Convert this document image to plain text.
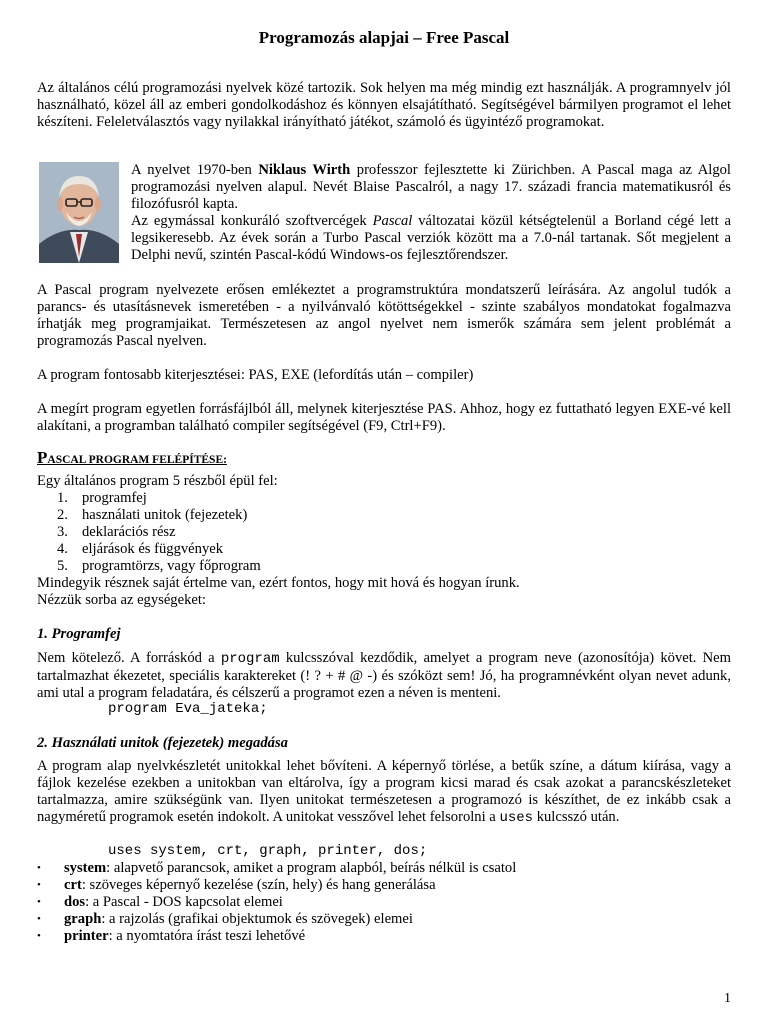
Programozás alapjai – Free Pascal
Az általános célú programozási nyelvek közé tartozik. Sok helyen ma még mindig ezt használják. A programnyelv jól használható, közel áll az emberi gondolkodáshoz és könnyen elsajátítható. Segítségével bármilyen programot el lehet készíteni. Feleletválasztós vagy nyilakkal irányítható játékot, számoló és ügyintéző programokat.
A nyelvet 1970-ben Niklaus Wirth professzor fejlesztette ki Zürichben. A Pascal maga az Algol programozási nyelven alapul. Nevét Blaise Pascalról, a nagy 17. századi francia matematikusról és filozófusról kapta.
Az egymással konkuráló szoftvercégek Pascal változatai közül kétségtelenül a Borland cégé lett a legsikeresebb. Az évek során a Turbo Pascal verziók között ma a 7.0-nál tartanak. Sőt megjelent a Delphi nevű, szintén Pascal-kódú Windows-os fejlesztőrendszer.
A Pascal program nyelvezete erősen emlékeztet a programstruktúra mondatszerű leírására. Az angolul tudók a parancs- és utasításnevek ismeretében - a nyilvánvaló kötöttségekkel - szinte szabályos mondatokat fogalmazva írhatják meg programjaikat. Természetesen az angol nyelvet nem ismerők számára sem jelent problémát a programozás Pascal nyelven.
A program fontosabb kiterjesztései: PAS, EXE (lefordítás után – compiler)
A megírt program egyetlen forrásfájlból áll, melynek kiterjesztése PAS. Ahhoz, hogy ez futtatható legyen EXE-vé kell alakítani, a programban található compiler segítségével (F9, Ctrl+F9).
PASCAL PROGRAM FELÉPÍTÉSE:
Egy általános program 5 részből épül fel:
1. programfej
2. használati unitok (fejezetek)
3. deklarációs rész
4. eljárások és függvények
5. programtörzs, vagy főprogram
Mindegyik résznek saját értelme van, ezért fontos, hogy mit hová és hogyan írunk.
Nézzük sorba az egységeket:
1. Programfej
Nem kötelező. A forráskód a program kulcsszóval kezdődik, amelyet a program neve (azonosítója) követ. Nem tartalmazhat ékezetet, speciális karaktereket (! ? + # @ -) és szóközt sem! Jó, ha programnévként olyan nevet adunk, ami utal a program feladatára, és célszerű a programot ezen a néven is menteni.
program Eva_jateka;
2. Használati unitok (fejezetek) megadása
A program alap nyelvkészletét unitokkal lehet bővíteni. A képernyő törlése, a betűk színe, a dátum kiírása, vagy a fájlok kezelése ezekben a unitokban van eltárolva, így a program kicsi marad és csak azokat a parancskészleteket tartalmazza, amire szükségünk van. Ilyen unitokat természetesen a programozó is készíthet, de ez inkább csak a nagyméretű programok esetén indokolt. A unitokat vesszővel lehet felsorolni a uses kulcsszó után.
uses system, crt, graph, printer, dos;
• system: alapvető parancsok, amiket a program alapból, beírás nélkül is csatol
• crt: szöveges képernyő kezelése (szín, hely) és hang generálása
• dos: a Pascal - DOS kapcsolat elemei
• graph: a rajzolás (grafikai objektumok és szövegek) elemei
• printer: a nyomtatóra írást teszi lehetővé
1
